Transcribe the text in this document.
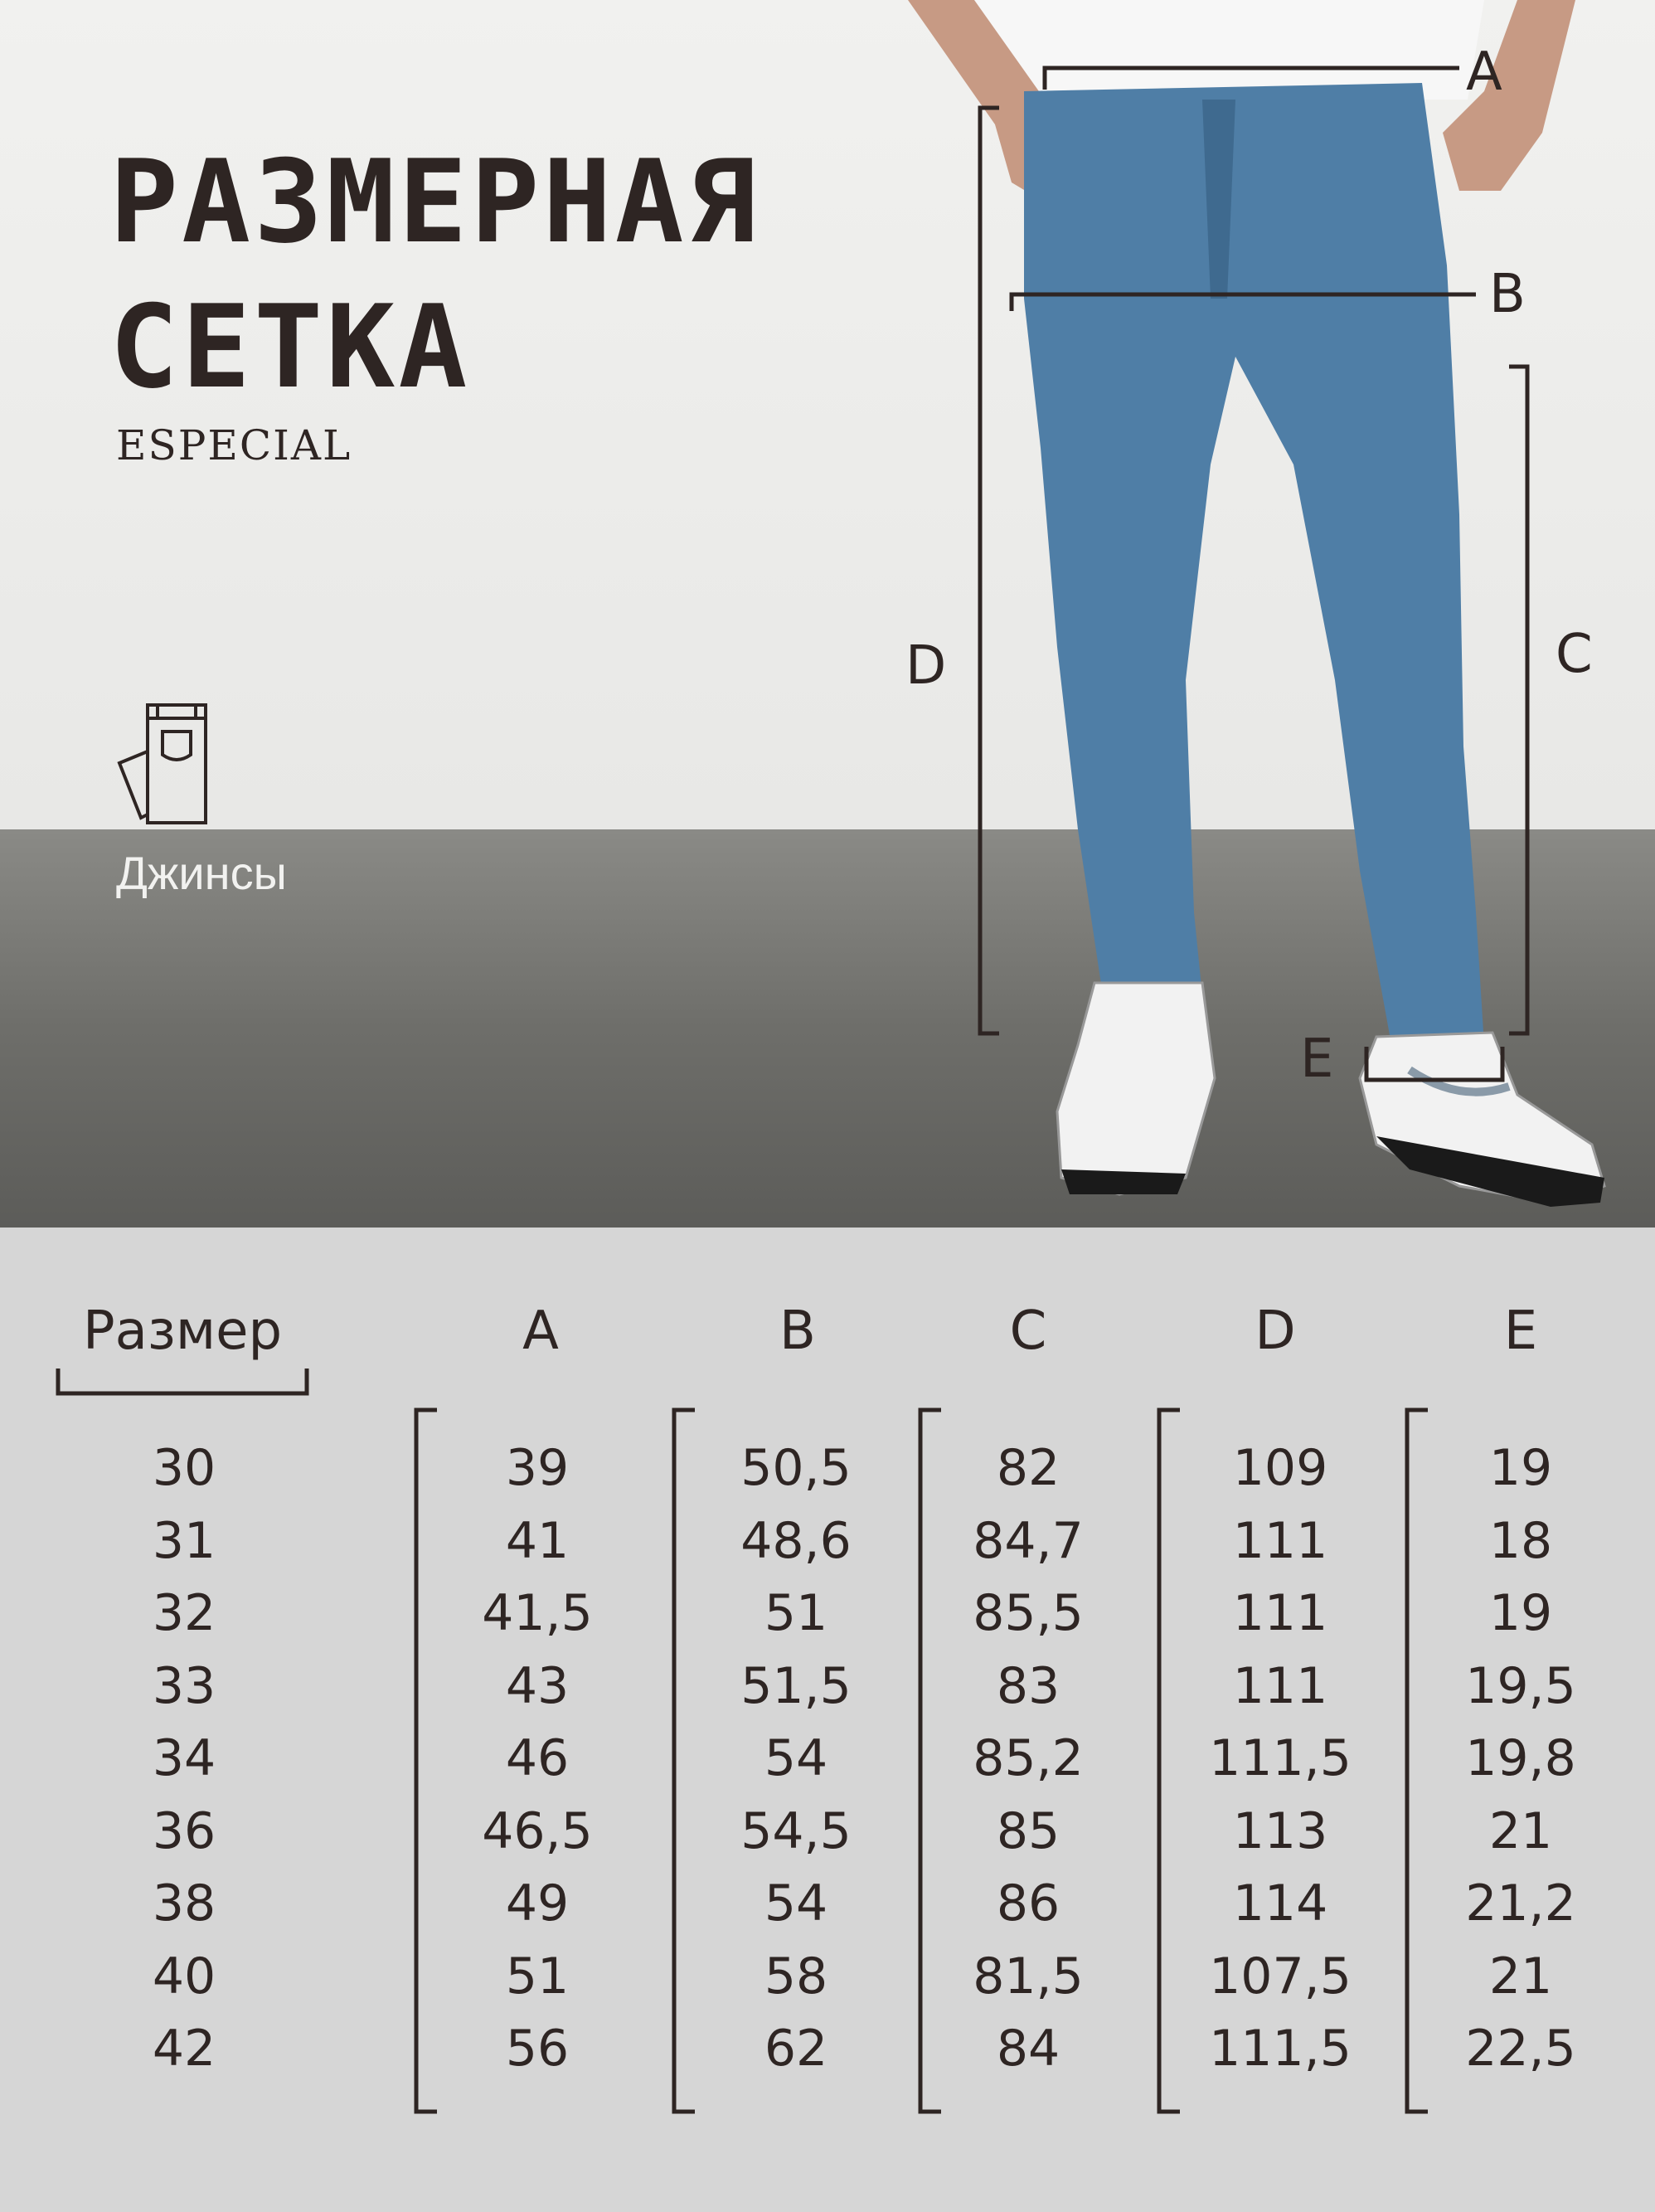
A
B
C
D
E
РАЗМЕРНАЯ
СЕТКА
ESPECIAL
Джинсы
Размер	A	B	C	D	E
30	39	50,5	82	109	19
31	41	48,6	84,7	111	18
32	41,5	51	85,5	111	19
33	43	51,5	83	111	19,5
34	46	54	85,2	111,5	19,8
36	46,5	54,5	85	113	21
38	49	54	86	114	21,2
40	51	58	81,5	107,5	21
42	56	62	84	111,5	22,5
